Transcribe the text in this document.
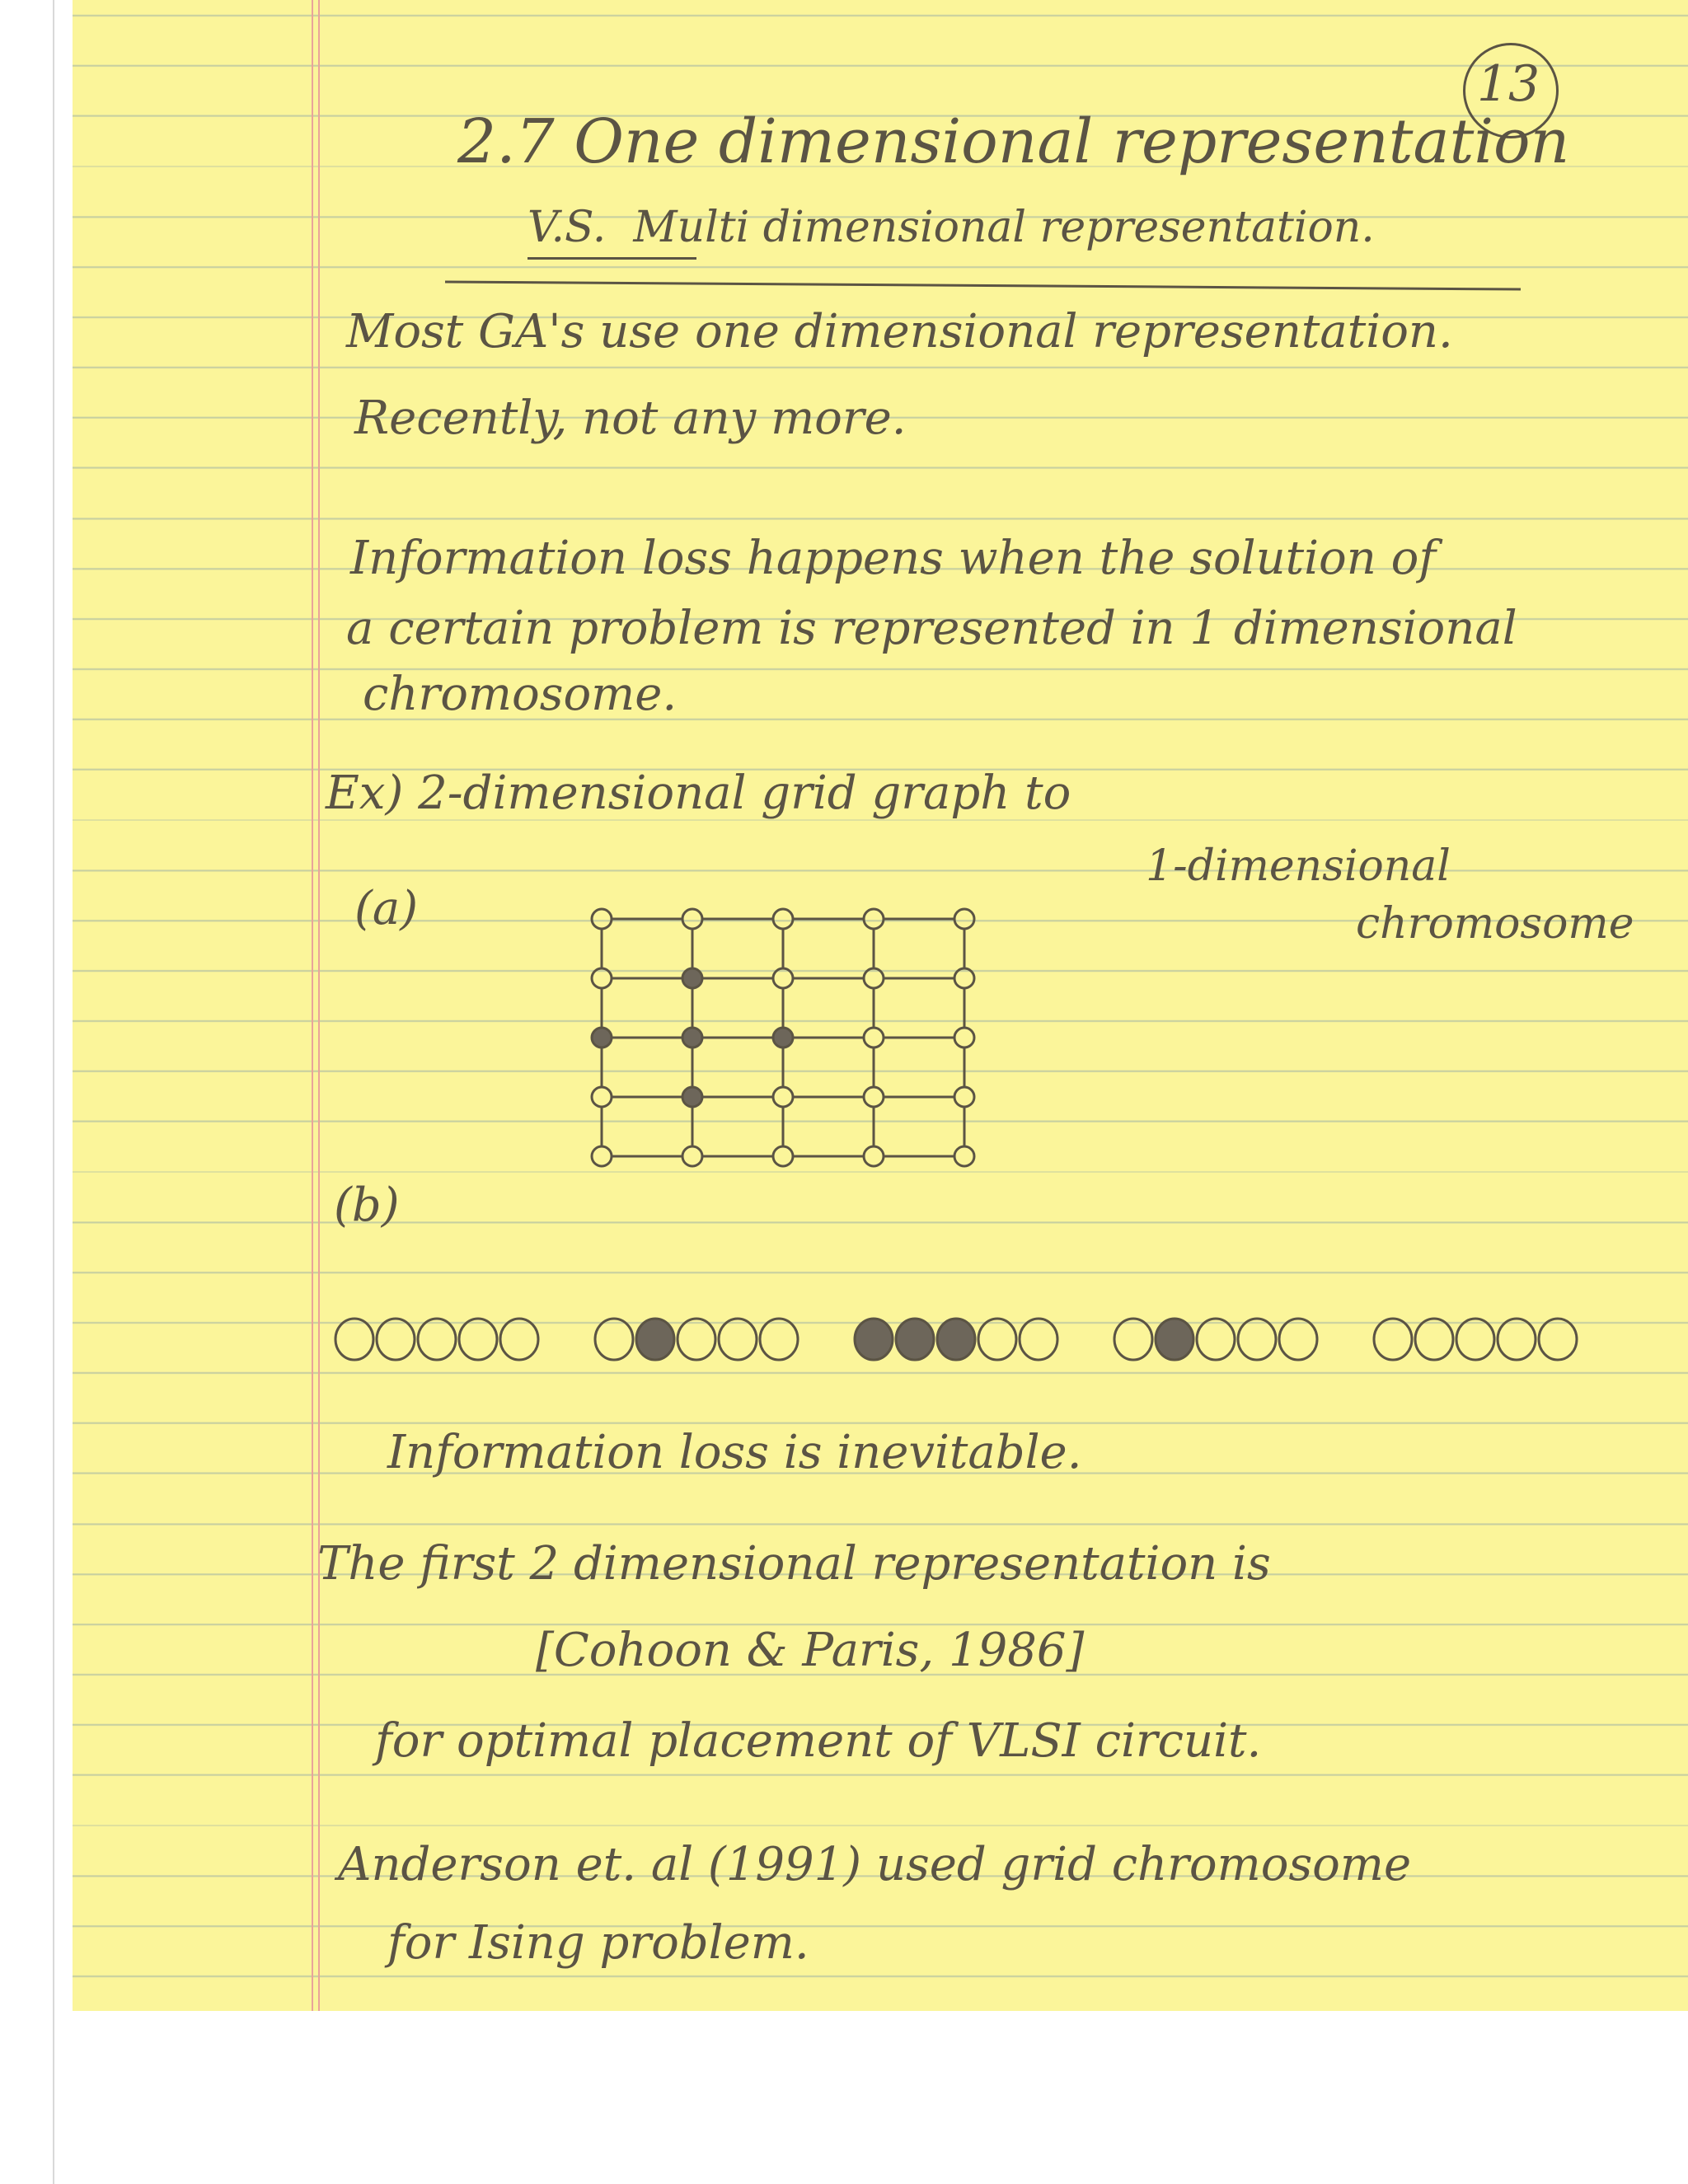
13

2.7 One dimensional representation

V.S. Multi dimensional representation.

Most GA's use one dimensional representation.

Recently, not any more.

Information loss happens when the solution of

a certain problem is represented in 1 dimensional

chromosome.

Ex) 2-dimensional grid graph to

1-dimensional

chromosome

(a)

(b)

Information loss is inevitable.

The first 2 dimensional representation is

[Cohoon & Paris, 1986]

for optimal placement of VLSI circuit.

Anderson et. al (1991) used grid chromosome

for Ising problem.
